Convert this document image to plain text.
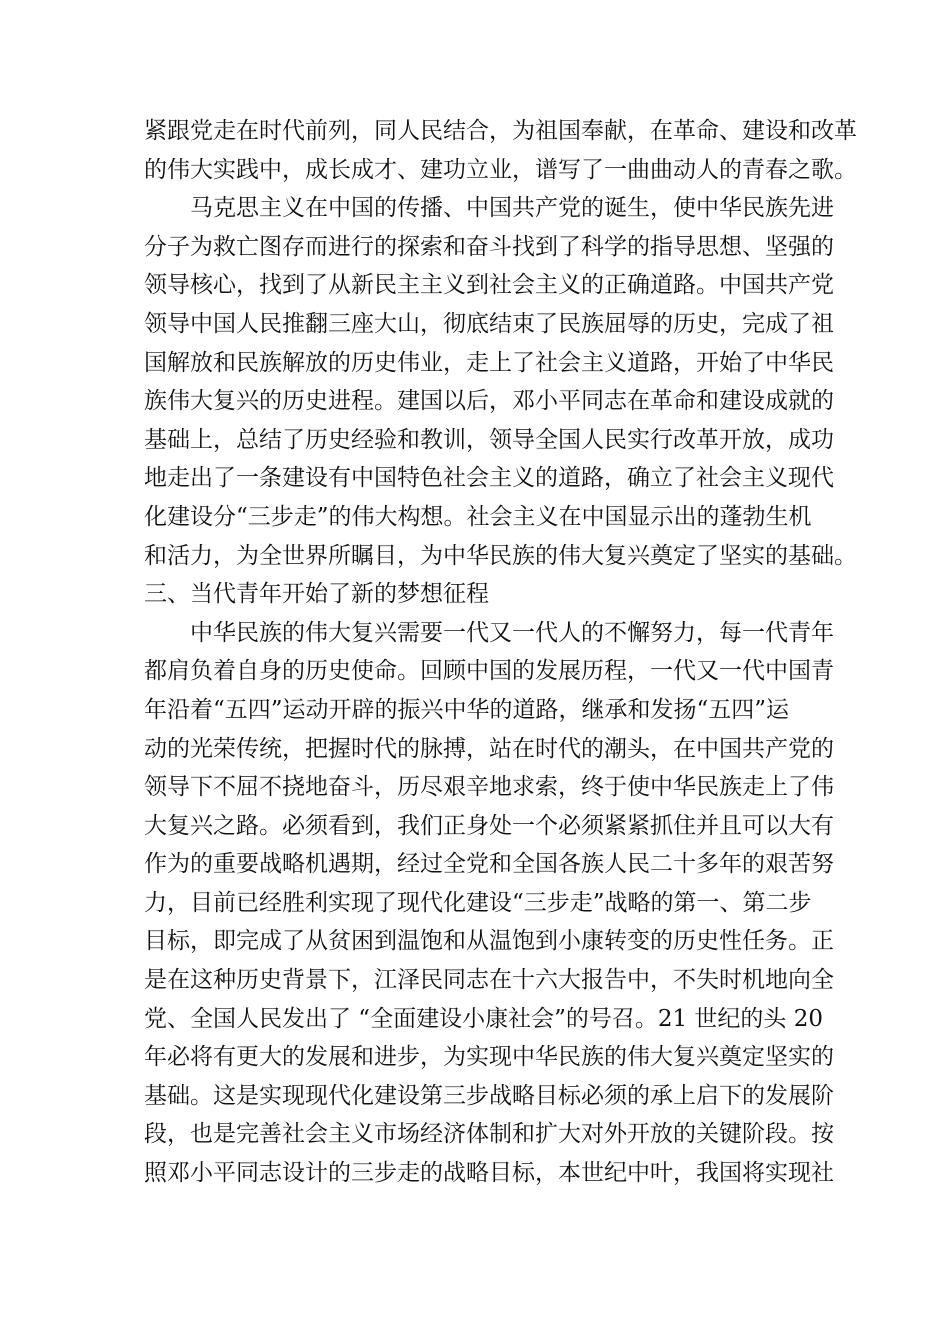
紧跟党走在时代前列，同人民结合，为祖国奉献，在革命、建设和改革
的伟大实践中，成长成才、建功立业，谱写了一曲曲动人的青春之歌。
马克思主义在中国的传播、中国共产党的诞生，使中华民族先进
分子为救亡图存而进行的探索和奋斗找到了科学的指导思想、坚强的
领导核心，找到了从新民主主义到社会主义的正确道路。中国共产党
领导中国人民推翻三座大山，彻底结束了民族屈辱的历史，完成了祖
国解放和民族解放的历史伟业，走上了社会主义道路，开始了中华民
族伟大复兴的历史进程。建国以后，邓小平同志在革命和建设成就的
基础上，总结了历史经验和教训，领导全国人民实行改革开放，成功
地走出了一条建设有中国特色社会主义的道路，确立了社会主义现代
化建设分“三步走”的伟大构想。社会主义在中国显示出的蓬勃生机
和活力，为全世界所瞩目，为中华民族的伟大复兴奠定了坚实的基础。
三、当代青年开始了新的梦想征程
中华民族的伟大复兴需要一代又一代人的不懈努力，每一代青年
都肩负着自身的历史使命。回顾中国的发展历程，一代又一代中国青
年沿着“五四”运动开辟的振兴中华的道路，继承和发扬“五四”运
动的光荣传统，把握时代的脉搏，站在时代的潮头，在中国共产党的
领导下不屈不挠地奋斗，历尽艰辛地求索，终于使中华民族走上了伟
大复兴之路。必须看到，我们正身处一个必须紧紧抓住并且可以大有
作为的重要战略机遇期，经过全党和全国各族人民二十多年的艰苦努
力，目前已经胜利实现了现代化建设“三步走”战略的第一、第二步
目标，即完成了从贫困到温饱和从温饱到小康转变的历史性任务。正
是在这种历史背景下，江泽民同志在十六大报告中，不失时机地向全
党、全国人民发出了 “全面建设小康社会”的号召。21 世纪的头 20
年必将有更大的发展和进步，为实现中华民族的伟大复兴奠定坚实的
基础。这是实现现代化建设第三步战略目标必须的承上启下的发展阶
段，也是完善社会主义市场经济体制和扩大对外开放的关键阶段。按
照邓小平同志设计的三步走的战略目标，本世纪中叶，我国将实现社
